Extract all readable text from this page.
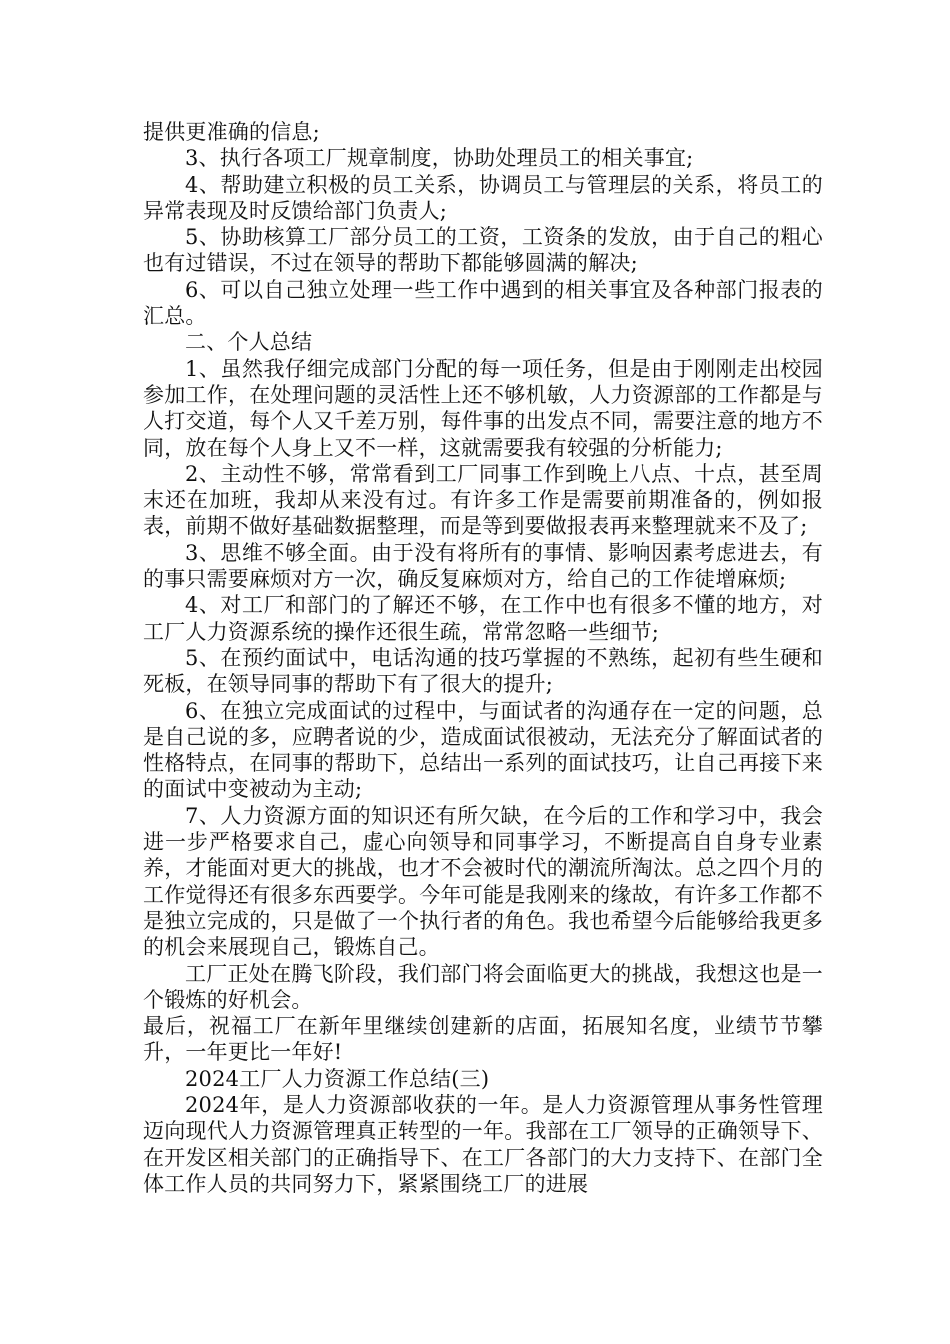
提供更准确的信息;

3、执行各项工厂规章制度，协助处理员工的相关事宜;

4、帮助建立积极的员工关系，协调员工与管理层的关系，将员工的异常表现及时反馈给部门负责人;

5、协助核算工厂部分员工的工资，工资条的发放，由于自己的粗心也有过错误，不过在领导的帮助下都能够圆满的解决;

6、可以自己独立处理一些工作中遇到的相关事宜及各种部门报表的汇总。

二、个人总结

1、虽然我仔细完成部门分配的每一项任务，但是由于刚刚走出校园参加工作，在处理问题的灵活性上还不够机敏，人力资源部的工作都是与人打交道，每个人又千差万别，每件事的出发点不同，需要注意的地方不同，放在每个人身上又不一样，这就需要我有较强的分析能力;

2、主动性不够，常常看到工厂同事工作到晚上八点、十点，甚至周末还在加班，我却从来没有过。有许多工作是需要前期准备的，例如报表，前期不做好基础数据整理，而是等到要做报表再来整理就来不及了;

3、思维不够全面。由于没有将所有的事情、影响因素考虑进去，有的事只需要麻烦对方一次，确反复麻烦对方，给自己的工作徒增麻烦;

4、对工厂和部门的了解还不够，在工作中也有很多不懂的地方，对工厂人力资源系统的操作还很生疏，常常忽略一些细节;

5、在预约面试中，电话沟通的技巧掌握的不熟练，起初有些生硬和死板，在领导同事的帮助下有了很大的提升;

6、在独立完成面试的过程中，与面试者的沟通存在一定的问题，总是自己说的多，应聘者说的少，造成面试很被动，无法充分了解面试者的性格特点，在同事的帮助下，总结出一系列的面试技巧，让自己再接下来的面试中变被动为主动;

7、人力资源方面的知识还有所欠缺，在今后的工作和学习中，我会进一步严格要求自己，虚心向领导和同事学习，不断提高自自身专业素养，才能面对更大的挑战，也才不会被时代的潮流所淘汰。总之四个月的工作觉得还有很多东西要学。今年可能是我刚来的缘故，有许多工作都不是独立完成的，只是做了一个执行者的角色。我也希望今后能够给我更多的机会来展现自己，锻炼自己。

工厂正处在腾飞阶段，我们部门将会面临更大的挑战，我想这也是一个锻炼的好机会。

最后，祝福工厂在新年里继续创建新的店面，拓展知名度，业绩节节攀升，一年更比一年好!

2024工厂人力资源工作总结(三)

2024年，是人力资源部收获的一年。是人力资源管理从事务性管理迈向现代人力资源管理真正转型的一年。我部在工厂领导的正确领导下、在开发区相关部门的正确指导下、在工厂各部门的大力支持下、在部门全体工作人员的共同努力下，紧紧围绕工厂的进展
